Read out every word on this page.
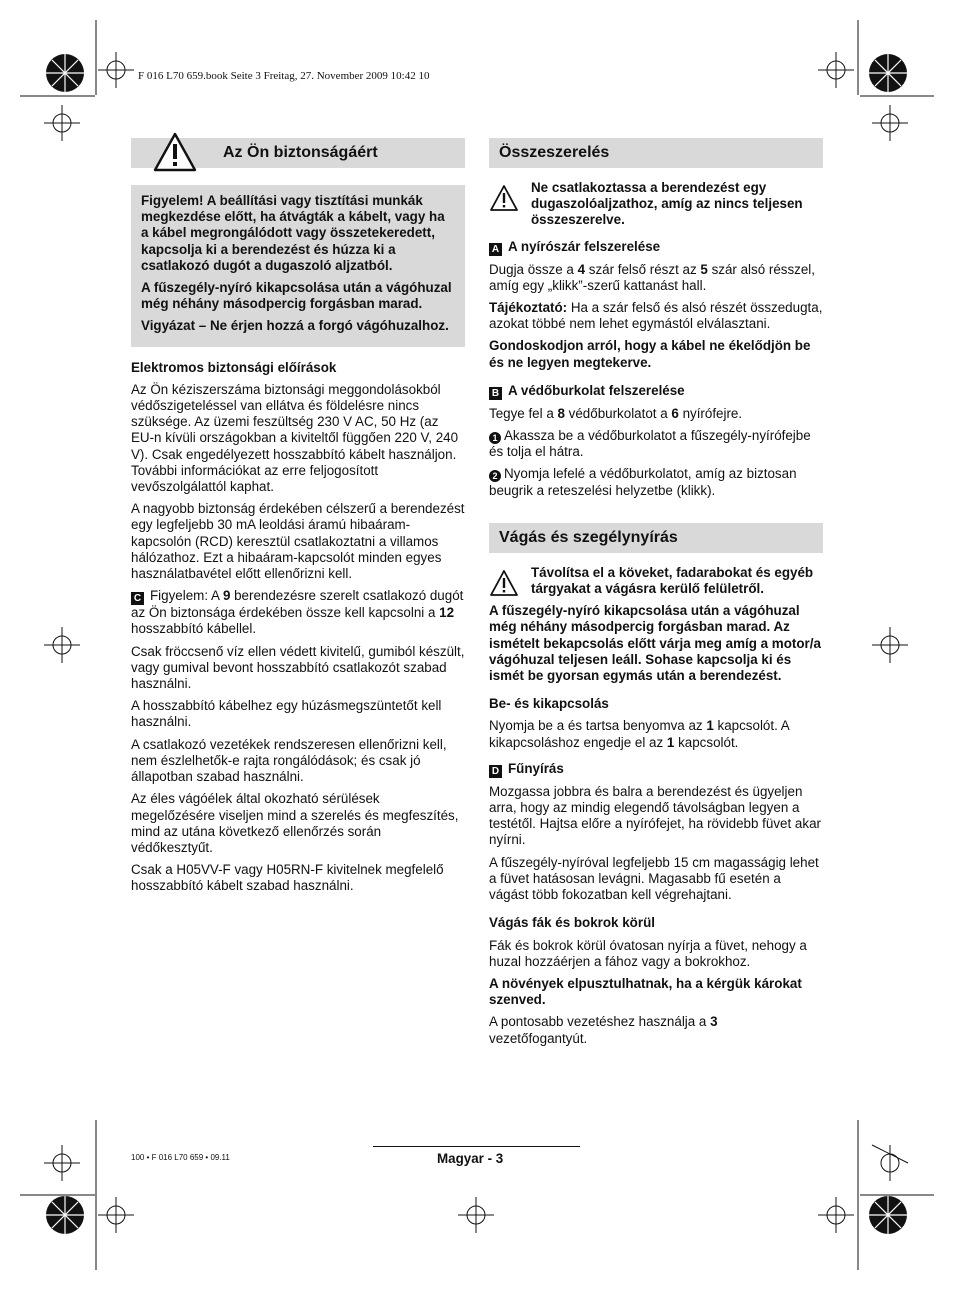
F 016 L70 659.book Seite 3 Freitag, 27. November 2009 10:42 10
Az Ön biztonságáért

Figyelem! A beállítási vagy tisztítási munkák megkezdése előtt, ha átvágták a kábelt, vagy ha a kábel megrongálódott vagy összetekeredett, kapcsolja ki a berendezést és húzza ki a csatlakozó dugót a dugaszoló aljzatból.

A fűszegély-nyíró kikapcsolása után a vágóhuzal még néhány másodpercig forgásban marad.

Vigyázat – Ne érjen hozzá a forgó vágóhuzalhoz.

Elektromos biztonsági előírások

Az Ön kéziszerszáma biztonsági meggondolásokból védőszigeteléssel van ellátva és földelésre nincs szüksége. Az üzemi feszültség 230 V AC, 50 Hz (az EU-n kívüli országokban a kiviteltől függően 220 V, 240 V). Csak engedélyezett hosszabbító kábelt használjon. További információkat az erre feljogosított vevőszolgálattól kaphat.

A nagyobb biztonság érdekében célszerű a berendezést egy legfeljebb 30 mA leoldási áramú hibaáram-kapcsolón (RCD) keresztül csatlakoztatni a villamos hálózathoz. Ezt a hibaáram-kapcsolót minden egyes használatbavétel előtt ellenőrizni kell.

C Figyelem: A 9 berendezésre szerelt csatlakozó dugót az Ön biztonsága érdekében össze kell kapcsolni a 12 hosszabbító kábellel.

Csak fröccsenő víz ellen védett kivitelű, gumiból készült, vagy gumival bevont hosszabbító csatlakozót szabad használni.

A hosszabbító kábelhez egy húzásmegszüntetőt kell használni.

A csatlakozó vezetékek rendszeresen ellenőrizni kell, nem észlelhetők-e rajta rongálódások; és csak jó állapotban szabad használni.

Az éles vágóélek által okozható sérülések megelőzésére viseljen mind a szerelés és megfeszítés, mind az utána következő ellenőrzés során védőkesztyűt.

Csak a H05VV-F vagy H05RN-F kivitelnek megfelelő hosszabbító kábelt szabad használni.

Összeszerelés
Ne csatlakoztassa a berendezést egy dugaszolóaljzathoz, amíg az nincs teljesen összeszerelve.
A A nyírószár felszerelése

Dugja össze a 4 szár felső részt az 5 szár alsó résszel, amíg egy „klikk”-szerű kattanást hall.

Tájékoztató: Ha a szár felső és alsó részét összedugta, azokat többé nem lehet egymástól elválasztani.

Gondoskodjon arról, hogy a kábel ne ékelődjön be és ne legyen megtekerve.

B A védőburkolat felszerelése

Tegye fel a 8 védőburkolatot a 6 nyírófejre.

1 Akassza be a védőburkolatot a fűszegély-nyírófejbe és tolja el hátra.

2 Nyomja lefelé a védőburkolatot, amíg az biztosan beugrik a reteszelési helyzetbe (klikk).

Vágás és szegélynyírás
Távolítsa el a köveket, fadarabokat és egyéb tárgyakat a vágásra kerülő felületről.

A fűszegély-nyíró kikapcsolása után a vágóhuzal még néhány másodpercig forgásban marad. Az ismételt bekapcsolás előtt várja meg amíg a motor/a vágóhuzal teljesen leáll. Sohase kapcsolja ki és ismét be gyorsan egymás után a berendezést.

Be- és kikapcsolás

Nyomja be a és tartsa benyomva az 1 kapcsolót. A kikapcsoláshoz engedje el az 1 kapcsolót.

D Fűnyírás

Mozgassa jobbra és balra a berendezést és ügyeljen arra, hogy az mindig elegendő távolságban legyen a testétől. Hajtsa előre a nyírófejet, ha rövidebb füvet akar nyírni.

A fűszegély-nyíróval legfeljebb 15 cm magasságig lehet a füvet hatásosan levágni. Magasabb fű esetén a vágást több fokozatban kell végrehajtani.

Vágás fák és bokrok körül

Fák és bokrok körül óvatosan nyírja a füvet, nehogy a huzal hozzáérjen a fához vagy a bokrokhoz.

A növények elpusztulhatnak, ha a kérgük károkat szenved.

A pontosabb vezetéshez használja a 3 vezetőfogantyút.

100 • F 016 L70 659 • 09.11	Magyar - 3
